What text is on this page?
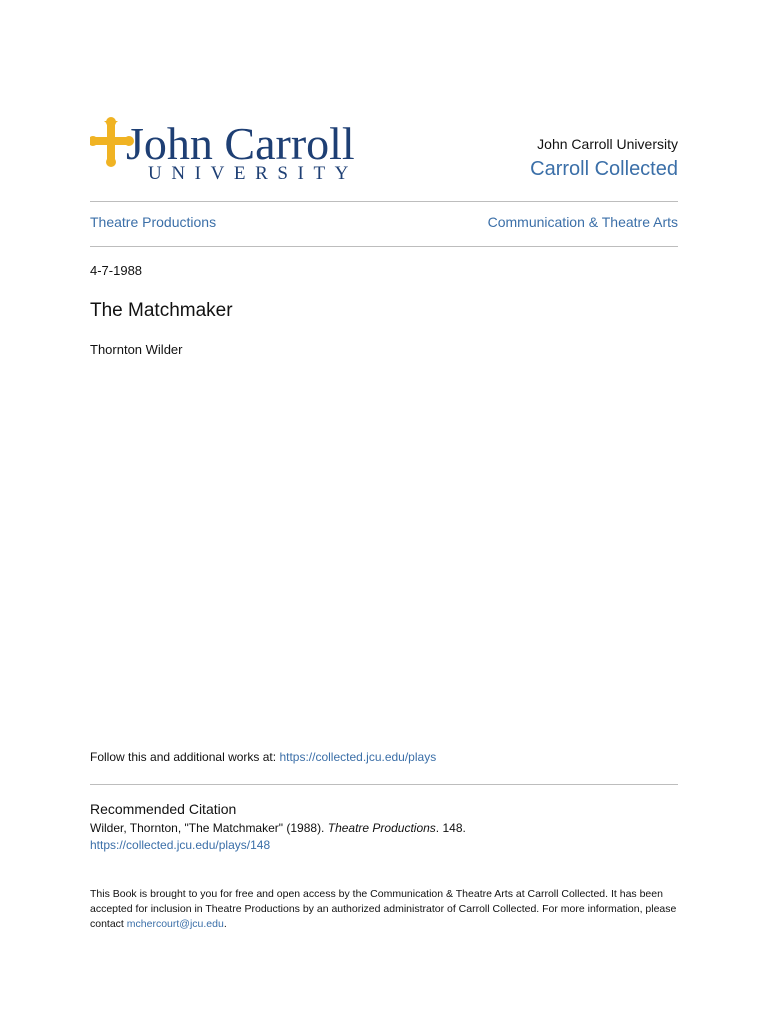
John Carroll
UNIVERSITY
John Carroll University
Carroll Collected
Theatre Productions	Communication & Theatre Arts
4-7-1988
The Matchmaker
Thornton Wilder
Follow this and additional works at: https://collected.jcu.edu/plays
Recommended Citation
Wilder, Thornton, "The Matchmaker" (1988). Theatre Productions. 148.
https://collected.jcu.edu/plays/148
This Book is brought to you for free and open access by the Communication & Theatre Arts at Carroll Collected. It has been accepted for inclusion in Theatre Productions by an authorized administrator of Carroll Collected. For more information, please contact mchercourt@jcu.edu.
